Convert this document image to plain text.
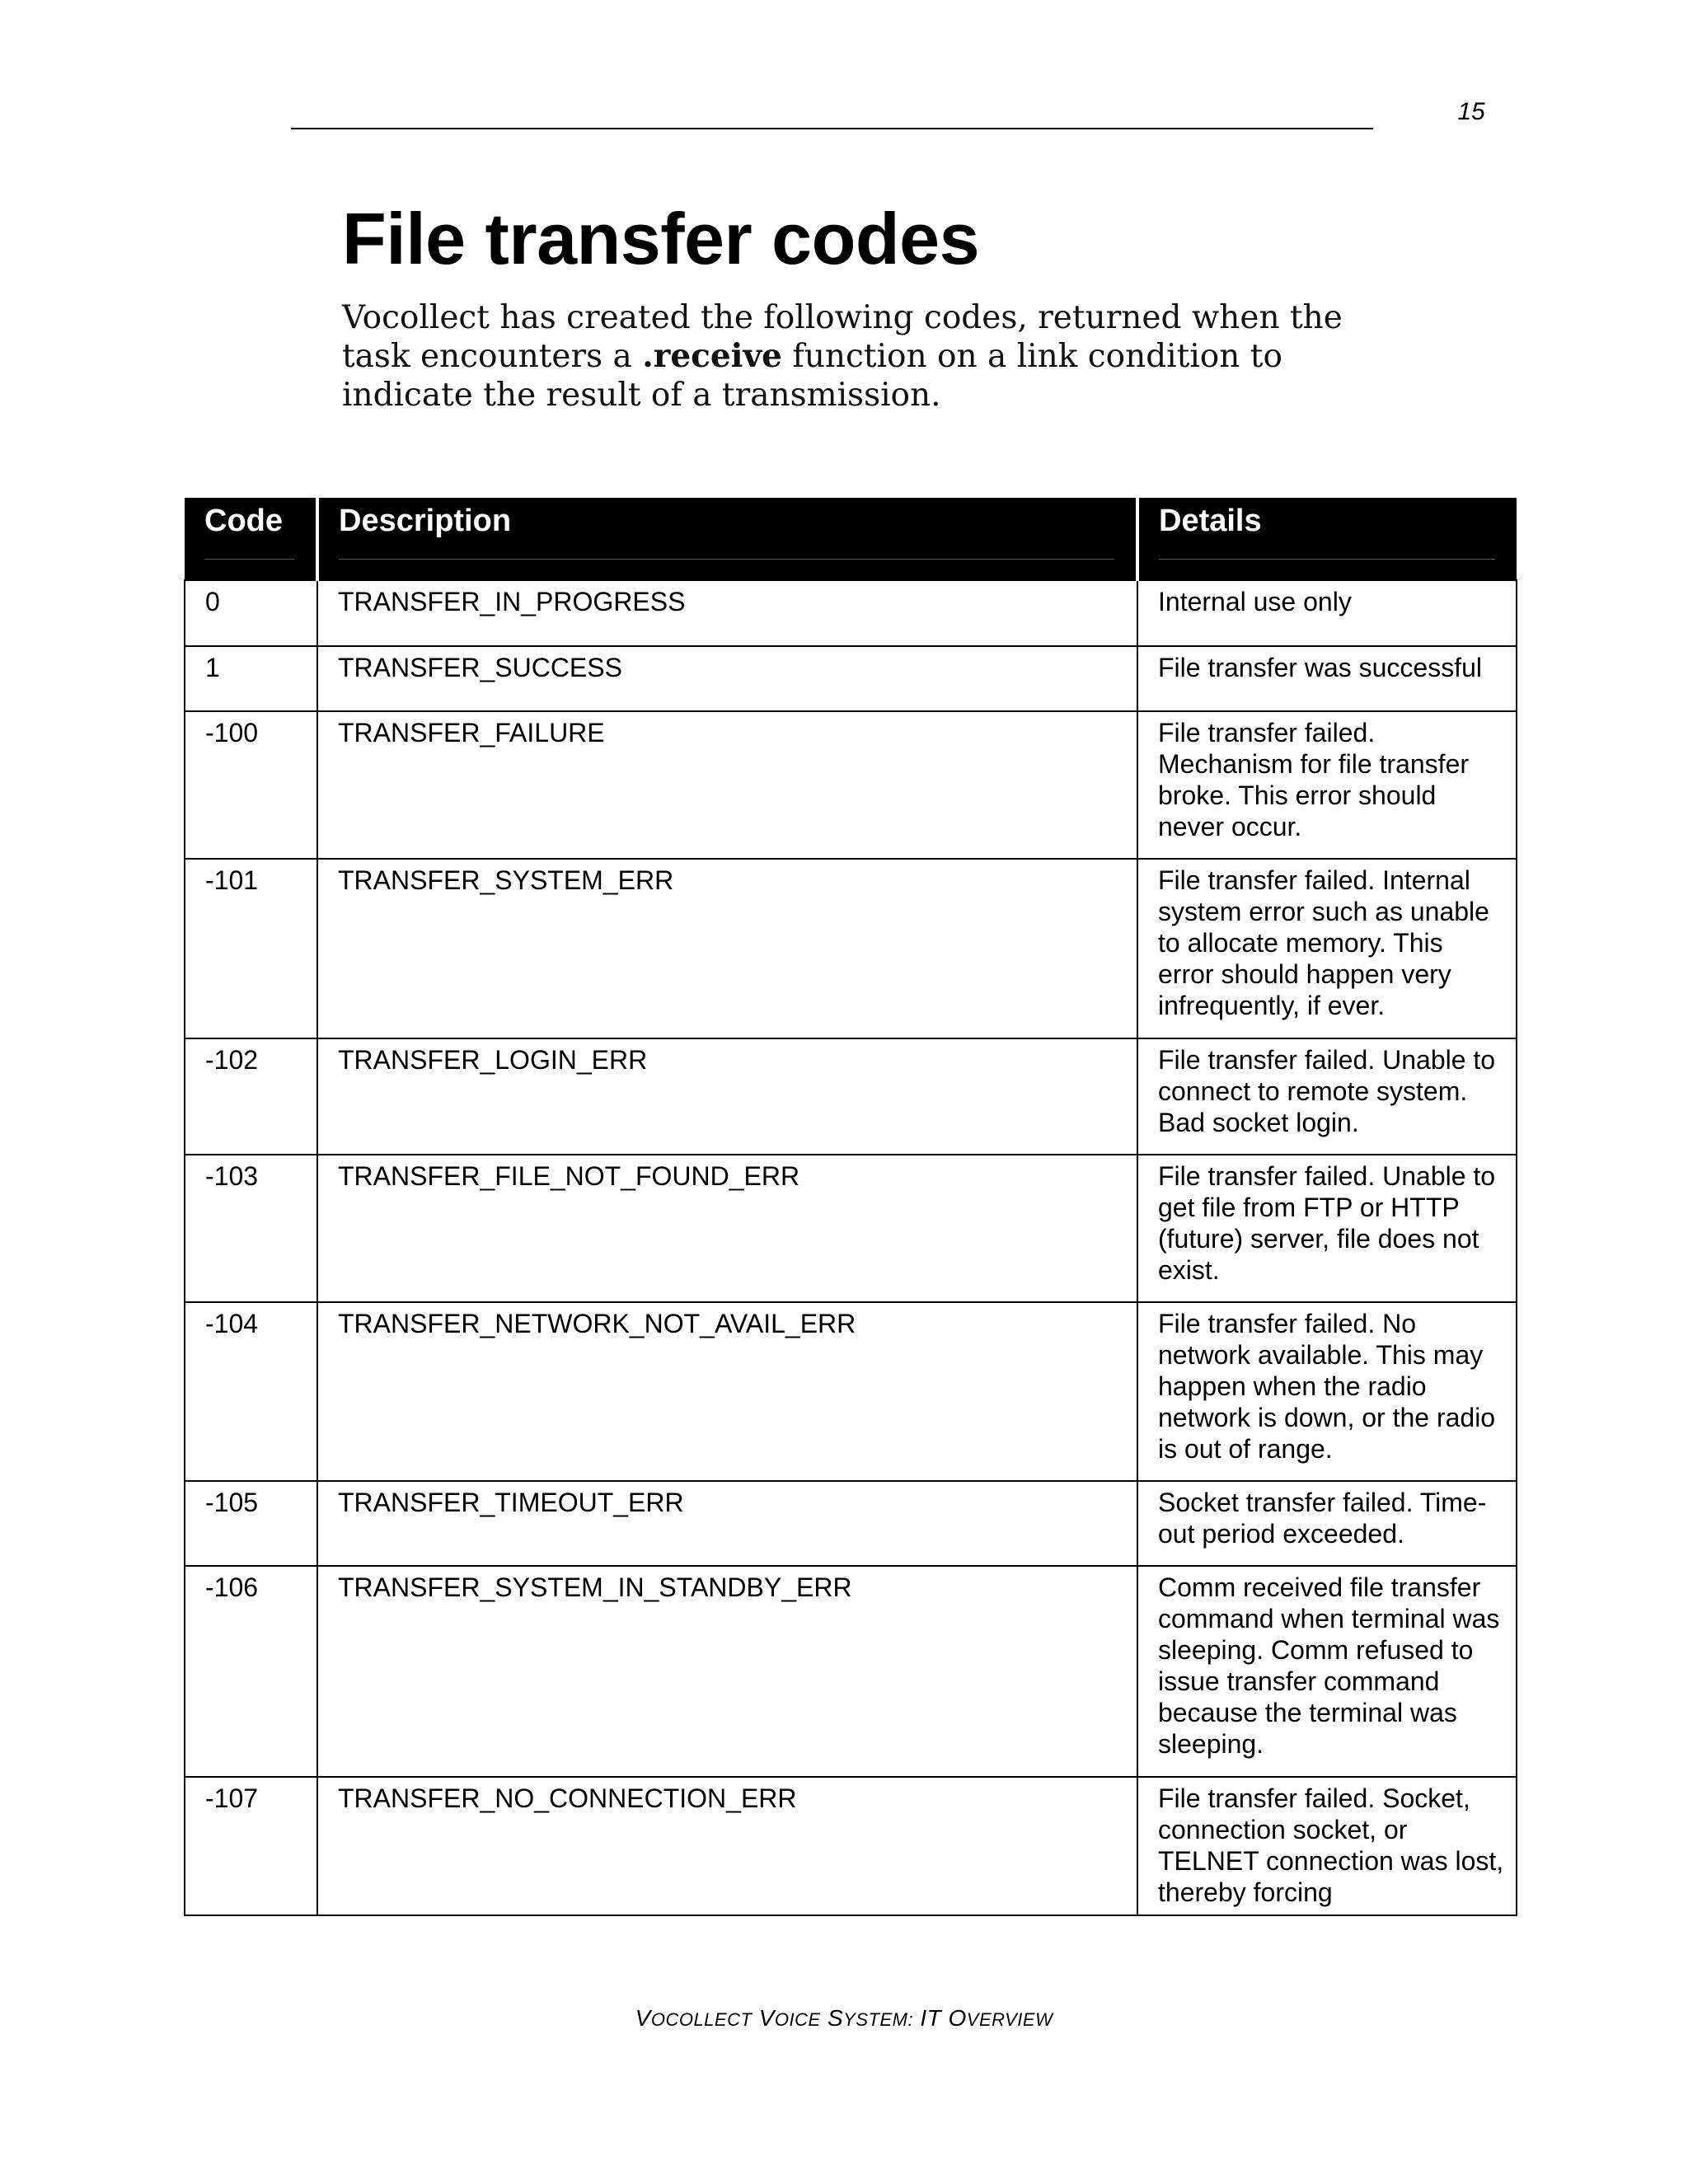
15
File transfer codes

Vocollect has created the following codes, returned when the task encounters a .receive function on a link condition to indicate the result of a transmission.

Code	Description	Details

0	TRANSFER_IN_PROGRESS	Internal use only
1	TRANSFER_SUCCESS	File transfer was successful
-100	TRANSFER_FAILURE	File transfer failed. Mechanism for file transfer broke. This error should never occur.
-101	TRANSFER_SYSTEM_ERR	File transfer failed. Internal system error such as unable to allocate memory. This error should happen very infrequently, if ever.
-102	TRANSFER_LOGIN_ERR	File transfer failed. Unable to connect to remote system. Bad socket login.
-103	TRANSFER_FILE_NOT_FOUND_ERR	File transfer failed. Unable to get file from FTP or HTTP (future) server, file does not exist.
-104	TRANSFER_NETWORK_NOT_AVAIL_ERR	File transfer failed. No network available. This may happen when the radio network is down, or the radio is out of range.
-105	TRANSFER_TIMEOUT_ERR	Socket transfer failed. Time-out period exceeded.
-106	TRANSFER_SYSTEM_IN_STANDBY_ERR	Comm received file transfer command when terminal was sleeping. Comm refused to issue transfer command because the terminal was sleeping.
-107	TRANSFER_NO_CONNECTION_ERR	File transfer failed. Socket, connection socket, or TELNET connection was lost, thereby forcing
VOCOLLECT VOICE SYSTEM: IT OVERVIEW
